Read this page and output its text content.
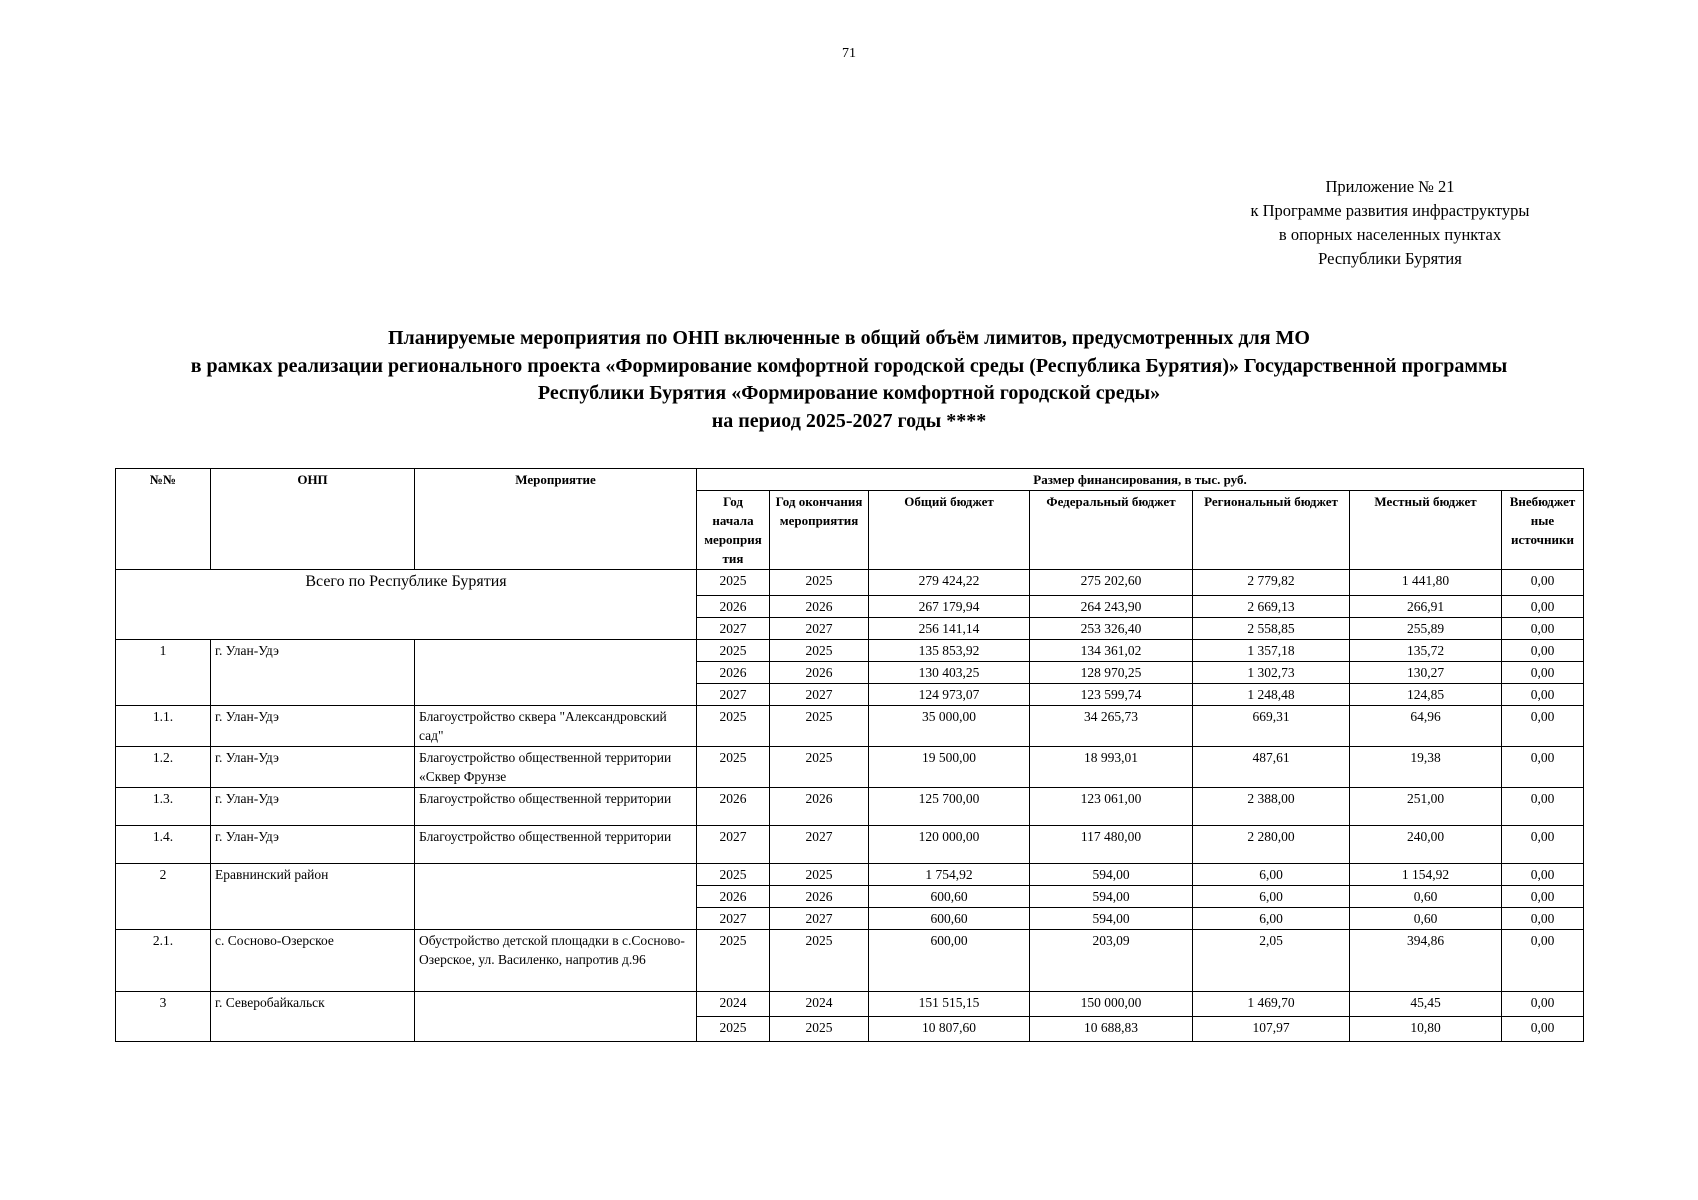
71
Приложение № 21
к Программе развития инфраструктуры
в опорных населенных пунктах
Республики Бурятия
Планируемые мероприятия по ОНП включенные в общий объём лимитов, предусмотренных для МО
в рамках реализации регионального проекта «Формирование комфортной городской среды (Республика Бурятия)» Государственной программы
Республики Бурятия «Формирование комфортной городской среды»
на период 2025-2027 годы ****
№№	ОНП	Мероприятие	Размер финансирования, в тыс. руб.						
			Год начала мероприя тия	Год окончания мероприятия	Общий бюджет	Федеральный бюджет	Региональный бюджет	Местный бюджет	Внебюджет ные источники
Всего по Республике Бурятия			2025	2025	279 424,22	275 202,60	2 779,82	1 441,80	0,00
			2026	2026	267 179,94	264 243,90	2 669,13	266,91	0,00
			2027	2027	256 141,14	253 326,40	2 558,85	255,89	0,00
1	г. Улан-Удэ		2025	2025	135 853,92	134 361,02	1 357,18	135,72	0,00
			2026	2026	130 403,25	128 970,25	1 302,73	130,27	0,00
			2027	2027	124 973,07	123 599,74	1 248,48	124,85	0,00
1.1.	г. Улан-Удэ	Благоустройство сквера "Александровский сад"	2025	2025	35 000,00	34 265,73	669,31	64,96	0,00
1.2.	г. Улан-Удэ	Благоустройство общественной территории «Сквер Фрунзе	2025	2025	19 500,00	18 993,01	487,61	19,38	0,00
1.3.	г. Улан-Удэ	Благоустройство общественной территории	2026	2026	125 700,00	123 061,00	2 388,00	251,00	0,00
1.4.	г. Улан-Удэ	Благоустройство общественной территории	2027	2027	120 000,00	117 480,00	2 280,00	240,00	0,00
2	Еравнинский район		2025	2025	1 754,92	594,00	6,00	1 154,92	0,00
			2026	2026	600,60	594,00	6,00	0,60	0,00
			2027	2027	600,60	594,00	6,00	0,60	0,00
2.1.	с. Сосново-Озерское	Обустройство детской площадки в с.Сосново-Озерское, ул. Василенко, напротив д.96	2025	2025	600,00	203,09	2,05	394,86	0,00
3	г. Северобайкальск		2024	2024	151 515,15	150 000,00	1 469,70	45,45	0,00
			2025	2025	10 807,60	10 688,83	107,97	10,80	0,00
